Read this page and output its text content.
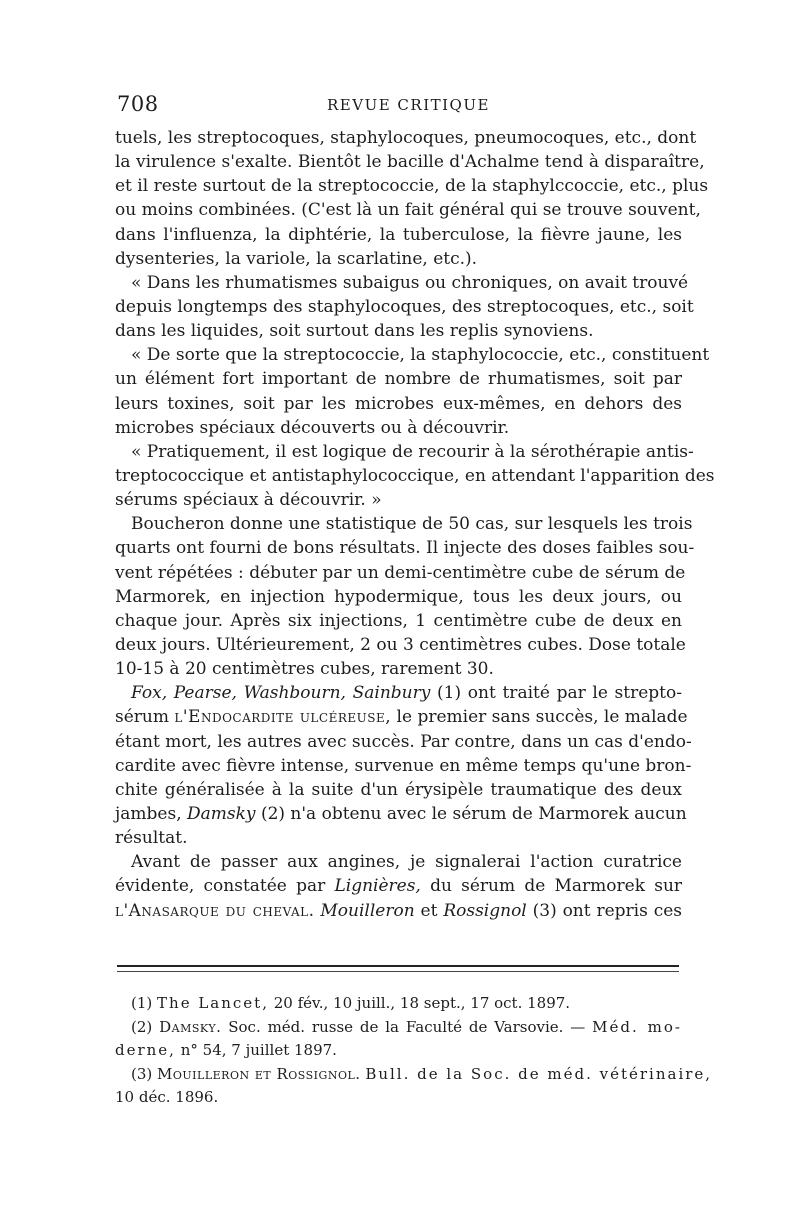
708	REVUE CRITIQUE
tuels, les streptocoques, staphylocoques, pneumocoques, etc., dont
la virulence s'exalte. Bientôt le bacille d'Achalme tend à disparaître,
et il reste surtout de la streptococcie, de la staphylccoccie, etc., plus
ou moins combinées. (C'est là un fait général qui se trouve souvent,
dans l'influenza, la diphtérie, la tuberculose, la fièvre jaune, les
dysenteries, la variole, la scarlatine, etc.).
« Dans les rhumatismes subaigus ou chroniques, on avait trouvé
depuis longtemps des staphylocoques, des streptocoques, etc., soit
dans les liquides, soit surtout dans les replis synoviens.
« De sorte que la streptococcie, la staphylococcie, etc., constituent
un élément fort important de nombre de rhumatismes, soit par
leurs toxines, soit par les microbes eux-mêmes, en dehors des
microbes spéciaux découverts ou à découvrir.
« Pratiquement, il est logique de recourir à la sérothérapie antis-
treptococcique et antistaphylococcique, en attendant l'apparition des
sérums spéciaux à découvrir. »
Boucheron donne une statistique de 50 cas, sur lesquels les trois
quarts ont fourni de bons résultats. Il injecte des doses faibles sou-
vent répétées : débuter par un demi-centimètre cube de sérum de
Marmorek, en injection hypodermique, tous les deux jours, ou
chaque jour. Après six injections, 1 centimètre cube de deux en
deux jours. Ultérieurement, 2 ou 3 centimètres cubes. Dose totale
10-15 à 20 centimètres cubes, rarement 30.
Fox, Pearse, Washbourn, Sainbury (1) ont traité par le strepto-
sérum l'Endocardite ulcéreuse, le premier sans succès, le malade
étant mort, les autres avec succès. Par contre, dans un cas d'endo-
cardite avec fièvre intense, survenue en même temps qu'une bron-
chite généralisée à la suite d'un érysipèle traumatique des deux
jambes, Damsky (2) n'a obtenu avec le sérum de Marmorek aucun
résultat.
Avant de passer aux angines, je signalerai l'action curatrice
évidente, constatée par Lignières, du sérum de Marmorek sur
l'Anasarque du cheval. Mouilleron et Rossignol (3) ont repris ces
(1) The Lancet, 20 fév., 10 juill., 18 sept., 17 oct. 1897.
(2) Damsky. Soc. méd. russe de la Faculté de Varsovie. — Méd. mo-
derne, n° 54, 7 juillet 1897.
(3) Mouilleron et Rossignol. Bull. de la Soc. de méd. vétérinaire,
10 déc. 1896.
